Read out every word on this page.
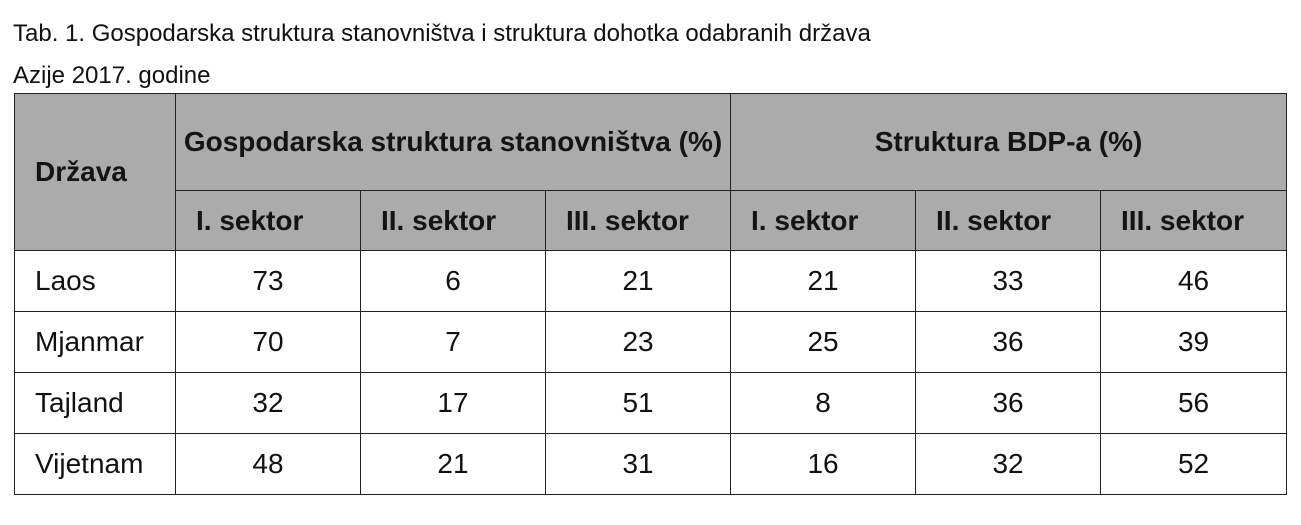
Tab. 1. Gospodarska struktura stanovništva i struktura dohotka odabranih država
Azije 2017. godine
Država	Gospodarska struktura stanovništva (%)			Struktura BDP-a (%)		
	I. sektor	II. sektor	III. sektor	I. sektor	II. sektor	III. sektor
Laos	73	6	21	21	33	46
Mjanmar	70	7	23	25	36	39
Tajland	32	17	51	8	36	56
Vijetnam	48	21	31	16	32	52
